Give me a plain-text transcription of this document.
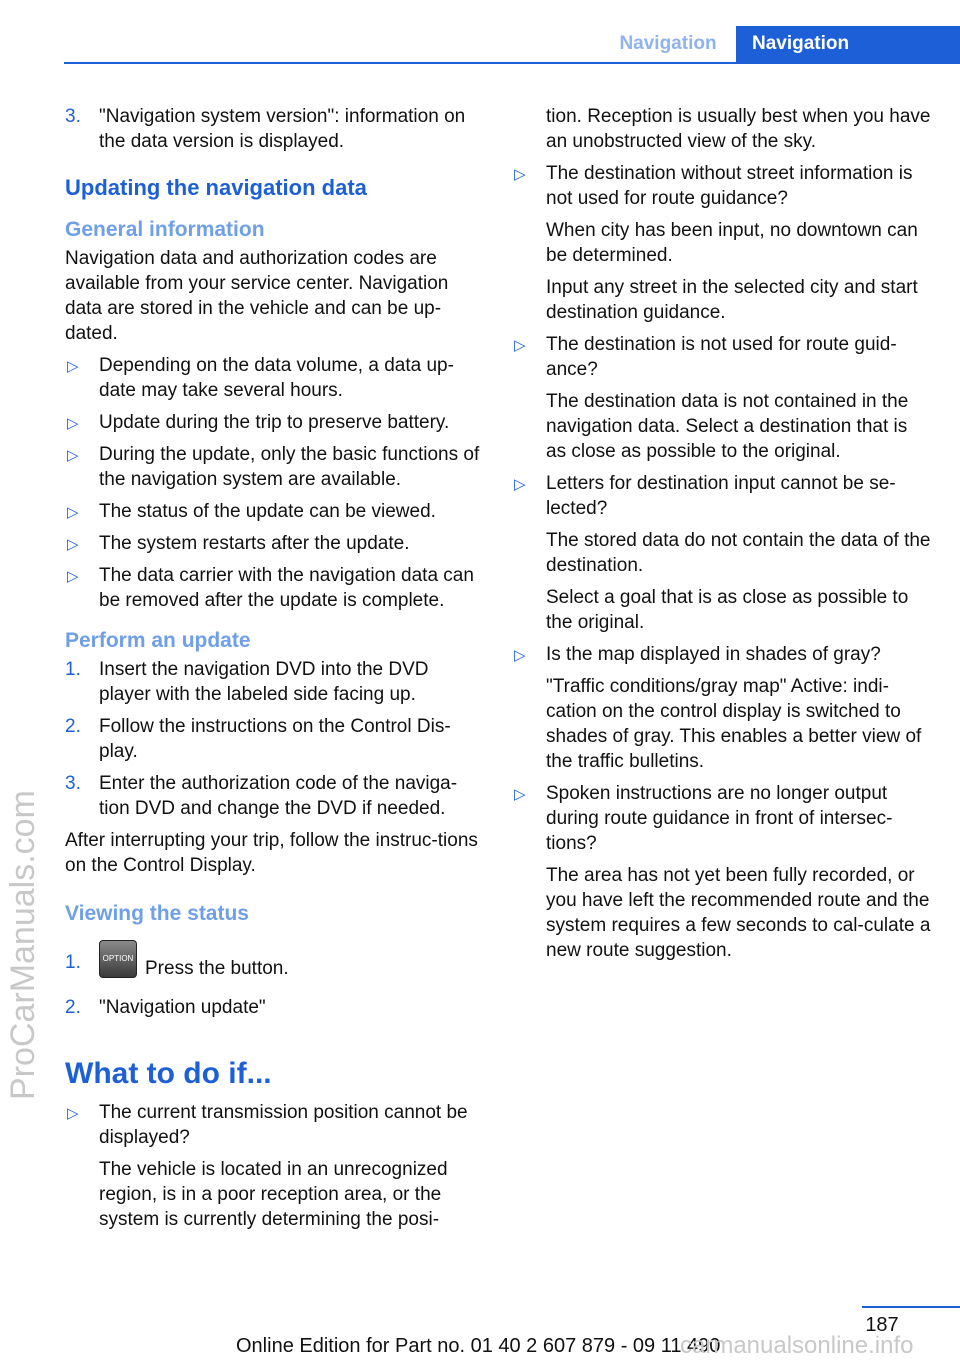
Navigation	Navigation
ProCarManuals.com
3. "Navigation system version": information on the data version is displayed.

Updating the navigation data
General information

Navigation data and authorization codes are available from your service center. Navigation data are stored in the vehicle and can be up-dated.

▷ Depending on the data volume, a data up-date may take several hours.

▷ Update during the trip to preserve battery.

▷ During the update, only the basic functions of the navigation system are available.

▷ The status of the update can be viewed.

▷ The system restarts after the update.

▷ The data carrier with the navigation data can be removed after the update is complete.

Perform an update
1. Insert the navigation DVD into the DVD player with the labeled side facing up.

2. Follow the instructions on the Control Dis-play.

3. Enter the authorization code of the naviga-tion DVD and change the DVD if needed.

After interrupting your trip, follow the instruc-tions on the Control Display.

Viewing the status
1.	OPTION Press the button.

2. "Navigation update"

What to do if...
▷ The current transmission position cannot be displayed?

The vehicle is located in an unrecognized region, is in a poor reception area, or the system is currently determining the posi-

tion. Reception is usually best when you have an unobstructed view of the sky.

▷ The destination without street information is not used for route guidance?

When city has been input, no downtown can be determined.

Input any street in the selected city and start destination guidance.

▷ The destination is not used for route guid-ance?

The destination data is not contained in the navigation data. Select a destination that is as close as possible to the original.

▷ Letters for destination input cannot be se-lected?

The stored data do not contain the data of the destination.

Select a goal that is as close as possible to the original.

▷ Is the map displayed in shades of gray?

"Traffic conditions/gray map" Active: indi-cation on the control display is switched to shades of gray. This enables a better view of the traffic bulletins.

▷ Spoken instructions are no longer output during route guidance in front of intersec-tions?

The area has not yet been fully recorded, or you have left the recommended route and the system requires a few seconds to cal-culate a new route suggestion.

187
Online Edition for Part no. 01 40 2 607 879 - 09 11 490
carmanualsonline.info
